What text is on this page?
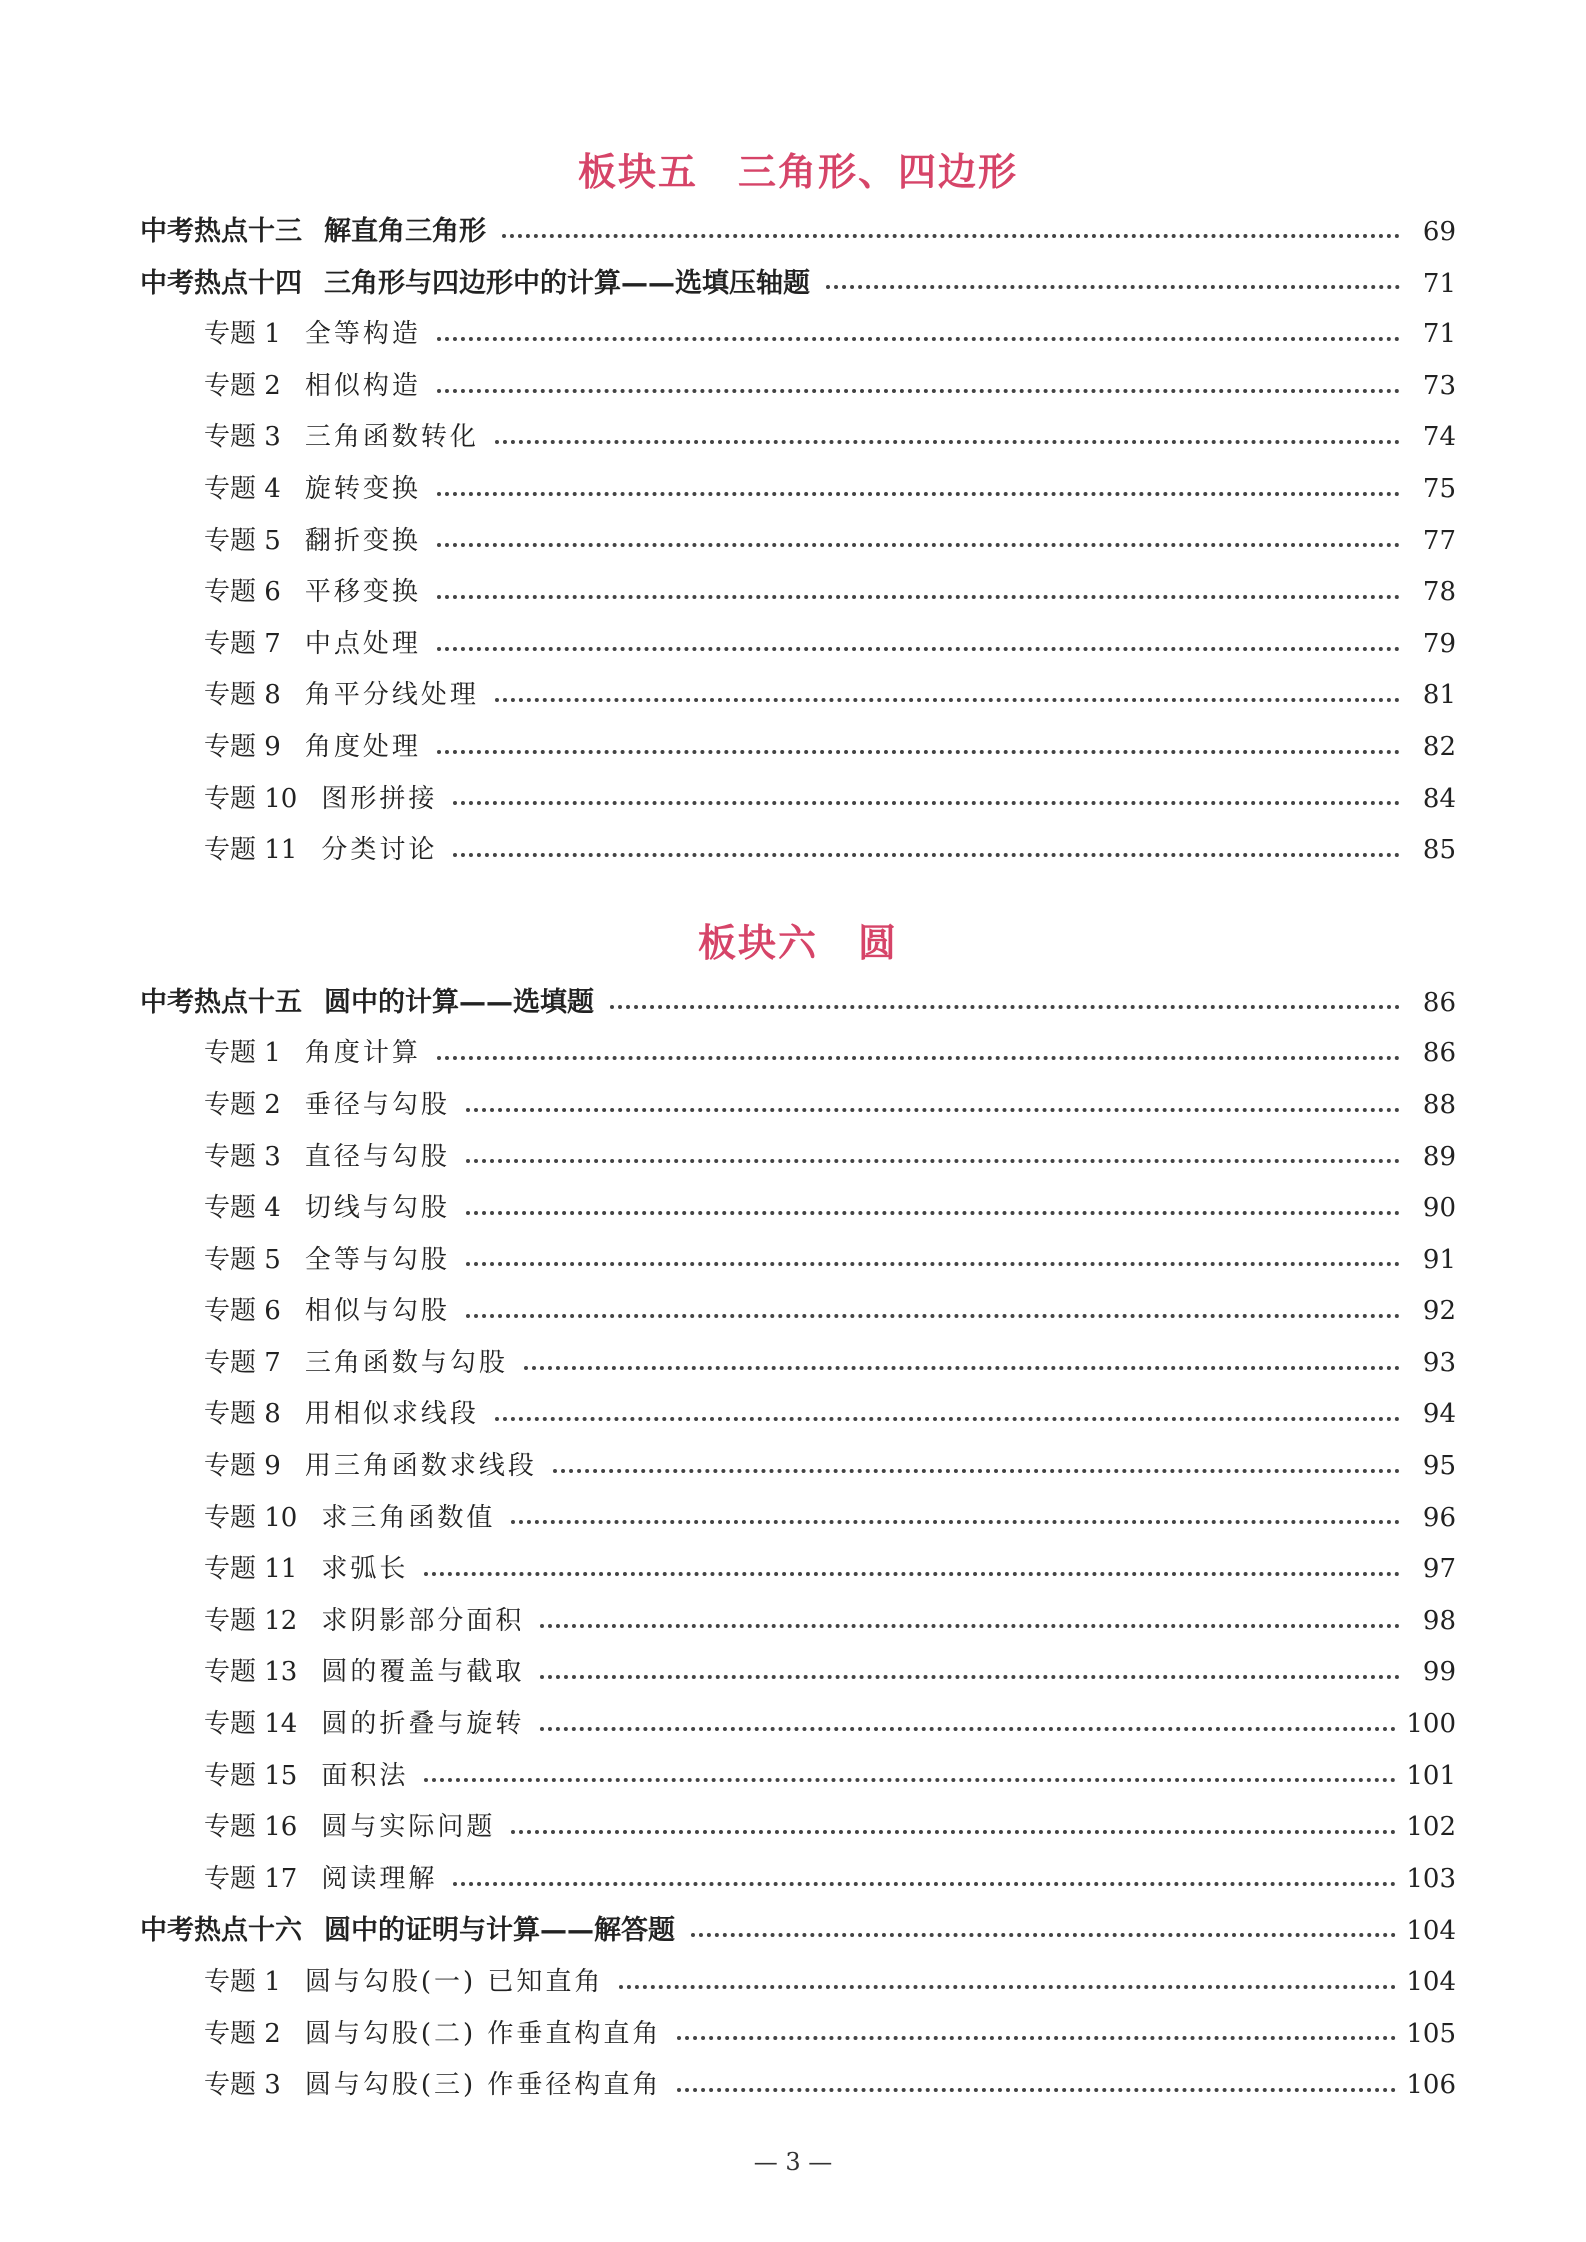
板块五 三角形、四边形
中考热点十三 解直角三角形	69
中考热点十四 三角形与四边形中的计算——选填压轴题	71
专题 1 全等构造	71
专题 2 相似构造	73
专题 3 三角函数转化	74
专题 4 旋转变换	75
专题 5 翻折变换	77
专题 6 平移变换	78
专题 7 中点处理	79
专题 8 角平分线处理	81
专题 9 角度处理	82
专题 10 图形拼接	84
专题 11 分类讨论	85
板块六 圆
中考热点十五 圆中的计算——选填题	86
专题 1 角度计算	86
专题 2 垂径与勾股	88
专题 3 直径与勾股	89
专题 4 切线与勾股	90
专题 5 全等与勾股	91
专题 6 相似与勾股	92
专题 7 三角函数与勾股	93
专题 8 用相似求线段	94
专题 9 用三角函数求线段	95
专题 10 求三角函数值	96
专题 11 求弧长	97
专题 12 求阴影部分面积	98
专题 13 圆的覆盖与截取	99
专题 14 圆的折叠与旋转	100
专题 15 面积法	101
专题 16 圆与实际问题	102
专题 17 阅读理解	103
中考热点十六 圆中的证明与计算——解答题	104
专题 1 圆与勾股(一) 已知直角	104
专题 2 圆与勾股(二) 作垂直构直角	105
专题 3 圆与勾股(三) 作垂径构直角	106
— 3 —
